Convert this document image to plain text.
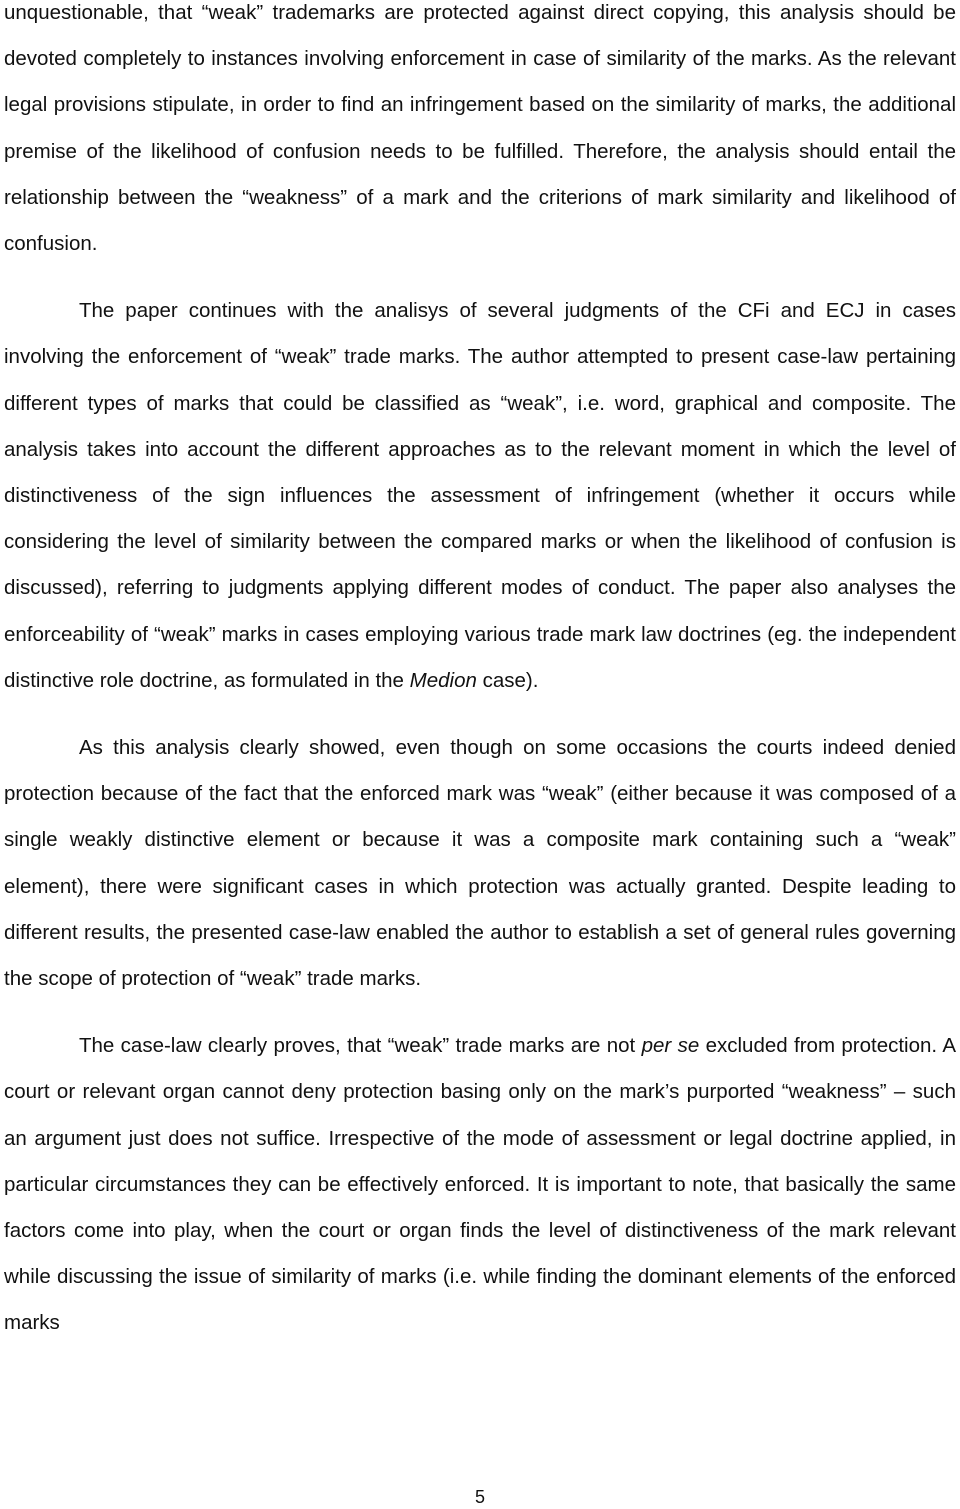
unquestionable, that “weak” trademarks are protected against direct copying, this analysis should be devoted completely to instances involving enforcement in case of similarity of the marks. As the relevant legal provisions stipulate, in order to find an infringement based on the similarity of marks, the additional premise of the likelihood of confusion needs to be fulfilled. Therefore, the analysis should entail the relationship between the “weakness” of a mark and the criterions of mark similarity and likelihood of confusion.

The paper continues with the analisys of several judgments of the CFi and ECJ in cases involving the enforcement of “weak” trade marks. The author attempted to present case-law pertaining different types of marks that could be classified as “weak”, i.e. word, graphical and composite. The analysis takes into account the different approaches as to the relevant moment in which the level of distinctiveness of the sign influences the assessment of infringement (whether it occurs while considering the level of similarity between the compared marks or when the likelihood of confusion is discussed), referring to judgments applying different modes of conduct. The paper also analyses the enforceability of “weak” marks in cases employing various trade mark law doctrines (eg. the independent distinctive role doctrine, as formulated in the Medion case).

As this analysis clearly showed, even though on some occasions the courts indeed denied protection because of the fact that the enforced mark was “weak” (either because it was composed of a single weakly distinctive element or because it was a composite mark containing such a “weak” element), there were significant cases in which protection was actually granted. Despite leading to different results, the presented case-law enabled the author to establish a set of general rules governing the scope of protection of “weak” trade marks.

The case-law clearly proves, that “weak” trade marks are not per se excluded from protection. A court or relevant organ cannot deny protection basing only on the mark’s purported “weakness” – such an argument just does not suffice. Irrespective of the mode of assessment or legal doctrine applied, in particular circumstances they can be effectively enforced. It is important to note, that basically the same factors come into play, when the court or organ finds the level of distinctiveness of the mark relevant while discussing the issue of similarity of marks (i.e. while finding the dominant elements of the enforced marks

5
